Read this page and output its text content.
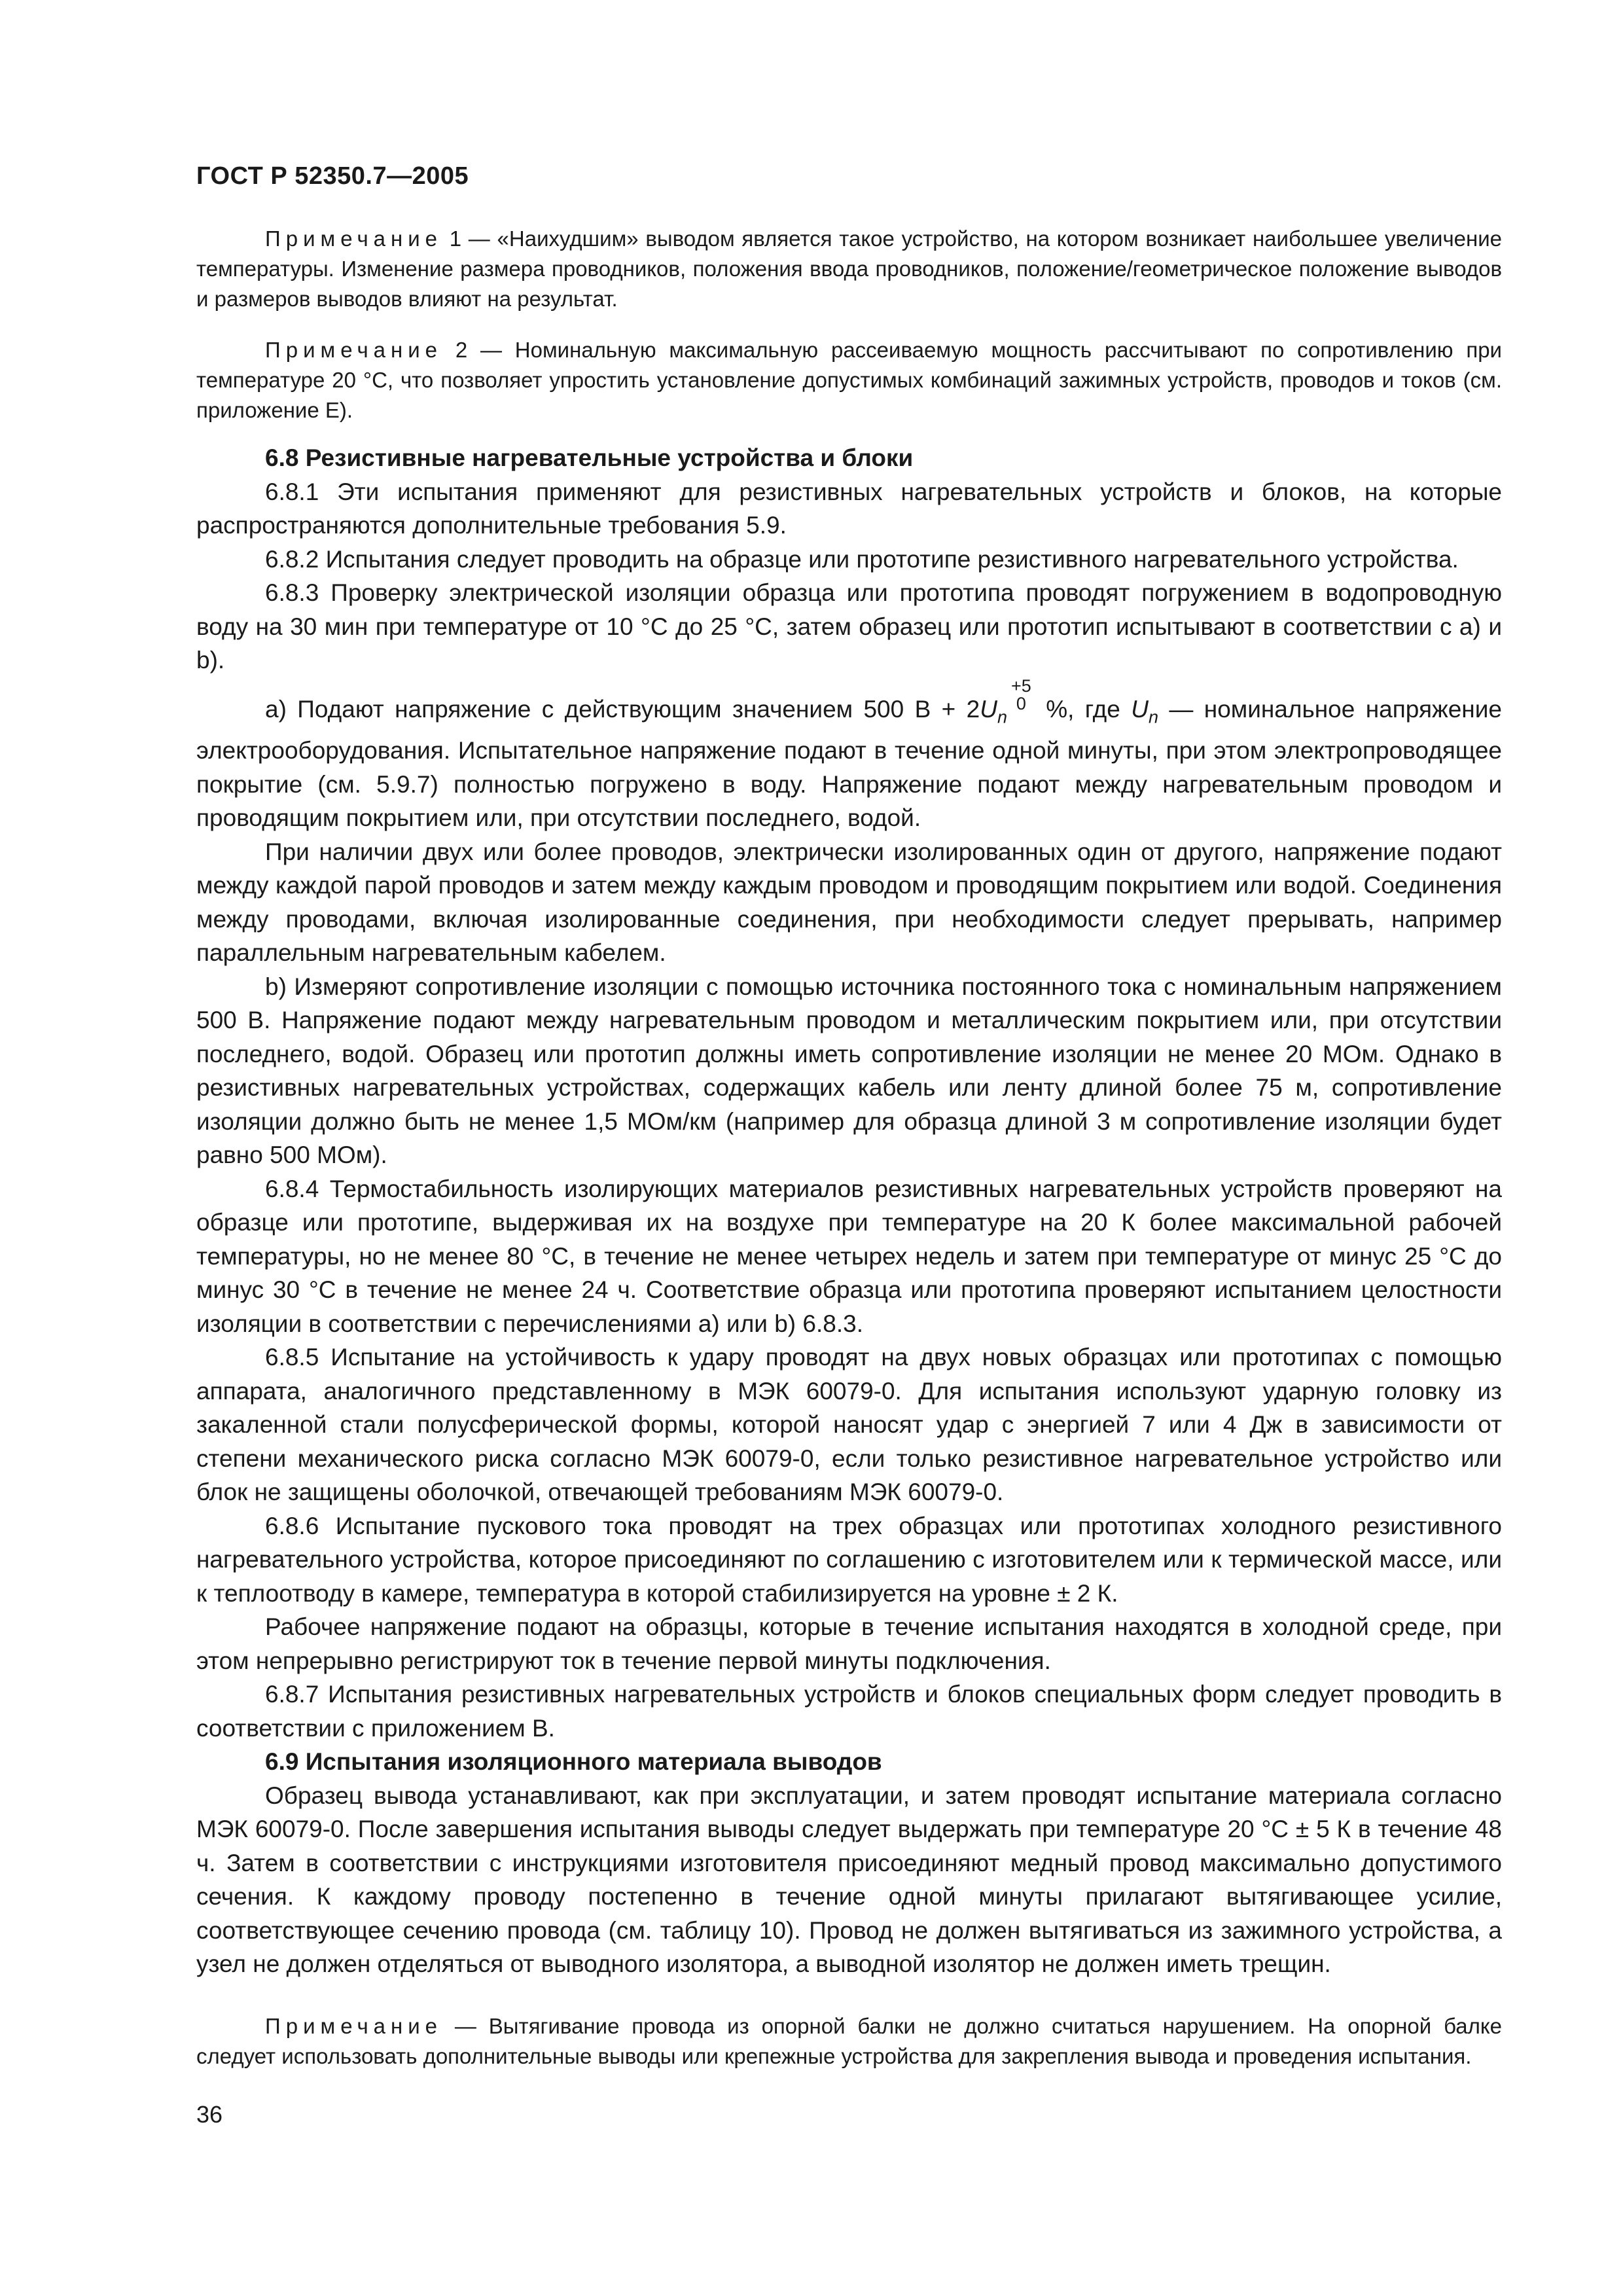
ГОСТ Р 52350.7—2005

Примечание 1 — «Наихудшим» выводом является такое устройство, на котором возникает наибольшее увеличение температуры. Изменение размера проводников, положения ввода проводников, положение/геометрическое положение выводов и размеров выводов влияют на результат.

Примечание 2 — Номинальную максимальную рассеиваемую мощность рассчитывают по сопротивлению при температуре 20 °С, что позволяет упростить установление допустимых комбинаций зажимных устройств, проводов и токов (см. приложение Е).

6.8 Резистивные нагревательные устройства и блоки

6.8.1 Эти испытания применяют для резистивных нагревательных устройств и блоков, на которые распространяются дополнительные требования 5.9.

6.8.2 Испытания следует проводить на образце или прототипе резистивного нагревательного устройства.

6.8.3 Проверку электрической изоляции образца или прототипа проводят погружением в водопроводную воду на 30 мин при температуре от 10 °С до 25 °С, затем образец или прототип испытывают в соответствии с а) и b).

а) Подают напряжение с действующим значением 500 $В + 2U_n$
$^{+5 0}$ %, где $U_n$ — номинальное напряжение электрооборудования. Испытательное напряжение подают в течение одной минуты, при этом электропроводящее покрытие (см. 5.9.7) полностью погружено в воду. Напряжение подают между нагревательным проводом и проводящим покрытием или, при отсутствии последнего, водой.

При наличии двух или более проводов, электрически изолированных один от другого, напряжение подают между каждой парой проводов и затем между каждым проводом и проводящим покрытием или водой. Соединения между проводами, включая изолированные соединения, при необходимости следует прерывать, например параллельным нагревательным кабелем.

b) Измеряют сопротивление изоляции с помощью источника постоянного тока с номинальным напряжением 500 В. Напряжение подают между нагревательным проводом и металлическим покрытием или, при отсутствии последнего, водой. Образец или прототип должны иметь сопротивление изоляции не менее 20 МОм. Однако в резистивных нагревательных устройствах, содержащих кабель или ленту длиной более 75 м, сопротивление изоляции должно быть не менее 1,5 МОм/км (например для образца длиной 3 м сопротивление изоляции будет равно 500 МОм).

6.8.4 Термостабильность изолирующих материалов резистивных нагревательных устройств проверяют на образце или прототипе, выдерживая их на воздухе при температуре на 20 К более максимальной рабочей температуры, но не менее 80 °С, в течение не менее четырех недель и затем при температуре от минус 25 °С до минус 30 °С в течение не менее 24 ч. Соответствие образца или прототипа проверяют испытанием целостности изоляции в соответствии с перечислениями а) или b) 6.8.3.

6.8.5 Испытание на устойчивость к удару проводят на двух новых образцах или прототипах с помощью аппарата, аналогичного представленному в МЭК 60079-0. Для испытания используют ударную головку из закаленной стали полусферической формы, которой наносят удар с энергией 7 или 4 Дж в зависимости от степени механического риска согласно МЭК 60079-0, если только резистивное нагревательное устройство или блок не защищены оболочкой, отвечающей требованиям МЭК 60079-0.

6.8.6 Испытание пускового тока проводят на трех образцах или прототипах холодного резистивного нагревательного устройства, которое присоединяют по соглашению с изготовителем или к термической массе, или к теплоотводу в камере, температура в которой стабилизируется на уровне ± 2 К.

Рабочее напряжение подают на образцы, которые в течение испытания находятся в холодной среде, при этом непрерывно регистрируют ток в течение первой минуты подключения.

6.8.7 Испытания резистивных нагревательных устройств и блоков специальных форм следует проводить в соответствии с приложением В.

6.9 Испытания изоляционного материала выводов

Образец вывода устанавливают, как при эксплуатации, и затем проводят испытание материала согласно МЭК 60079-0. После завершения испытания выводы следует выдержать при температуре 20 °С ± 5 К в течение 48 ч. Затем в соответствии с инструкциями изготовителя присоединяют медный провод максимально допустимого сечения. К каждому проводу постепенно в течение одной минуты прилагают вытягивающее усилие, соответствующее сечению провода (см. таблицу 10). Провод не должен вытягиваться из зажимного устройства, а узел не должен отделяться от выводного изолятора, а выводной изолятор не должен иметь трещин.

Примечание — Вытягивание провода из опорной балки не должно считаться нарушением. На опорной балке следует использовать дополнительные выводы или крепежные устройства для закрепления вывода и проведения испытания.

36
